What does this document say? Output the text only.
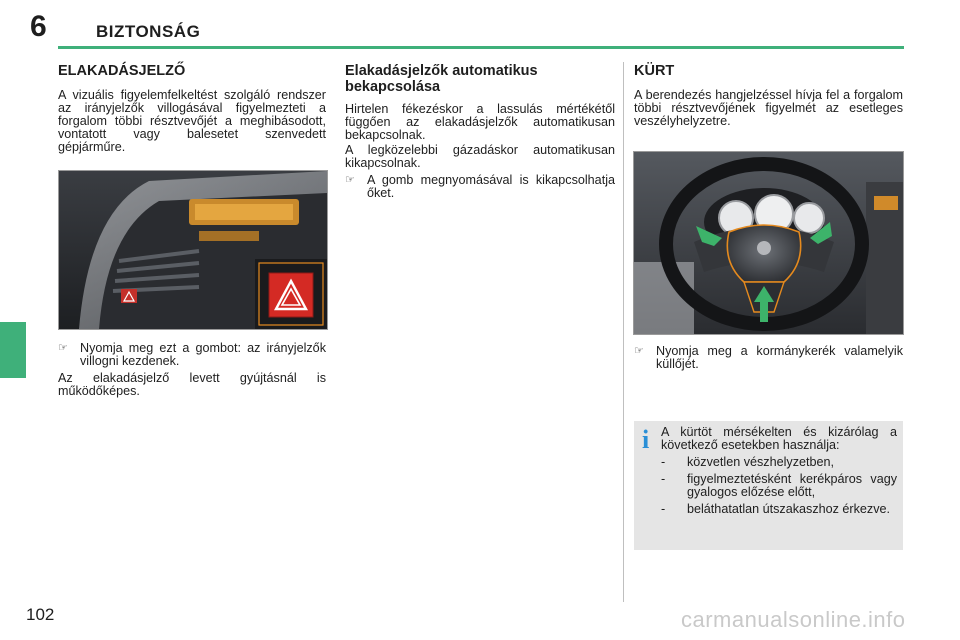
6	BIZTONSÁG
ELAKADÁSJELZŐ

A vizuális figyelemfelkeltést szolgáló rendszer az irányjelzők villogásával figyelmezteti a forgalom többi résztvevőjét a meghibásodott, vontatott vagy balesetet szenvedett gépjárműre.

☞ Nyomja meg ezt a gombot: az irányjelzők villogni kezdenek.

Az elakadásjelző levett gyújtásnál is működőképes.

Elakadásjelzők automatikus
bekapcsolása

Hirtelen fékezéskor a lassulás mértékétől függően az elakadásjelzők automatikusan bekapcsolnak.

A legközelebbi gázadáskor automatikusan kikapcsolnak.

☞ A gomb megnyomásával is kikapcsolhatja őket.
KÜRT

A berendezés hangjelzéssel hívja fel a forgalom többi résztvevőjének figyelmét az esetleges veszélyhelyzetre.

☞ Nyomja meg a kormánykerék valamelyik küllőjét.
i A kürtöt mérsékelten és kizárólag a következő esetekben használja:

-	közvetlen vészhelyzetben,
-	figyelmeztetésként kerékpáros vagy gyalogos előzése előtt,
-	beláthatatlan útszakaszhoz érkezve.
102	carmanualsonline.info
